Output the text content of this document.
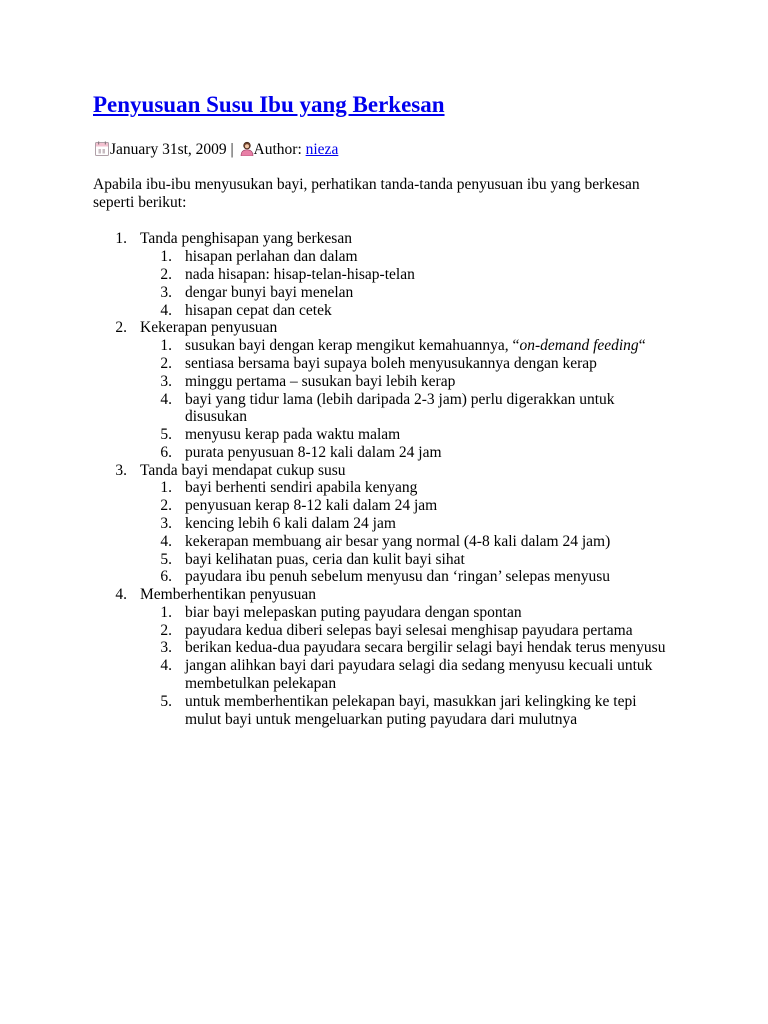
Penyusuan Susu Ibu yang Berkesan
January 31st, 2009 | Author: nieza
Apabila ibu-ibu menyusukan bayi, perhatikan tanda-tanda penyusuan ibu yang berkesan
seperti berikut:
1. Tanda penghisapan yang berkesan
1. hisapan perlahan dan dalam
2. nada hisapan: hisap-telan-hisap-telan
3. dengar bunyi bayi menelan
4. hisapan cepat dan cetek
2. Kekerapan penyusuan
1. susukan bayi dengan kerap mengikut kemahuannya, “on-demand feeding“
2. sentiasa bersama bayi supaya boleh menyusukannya dengan kerap
3. minggu pertama – susukan bayi lebih kerap
4. bayi yang tidur lama (lebih daripada 2-3 jam) perlu digerakkan untuk
disusukan
5. menyusu kerap pada waktu malam
6. purata penyusuan 8-12 kali dalam 24 jam
3. Tanda bayi mendapat cukup susu
1. bayi berhenti sendiri apabila kenyang
2. penyusuan kerap 8-12 kali dalam 24 jam
3. kencing lebih 6 kali dalam 24 jam
4. kekerapan membuang air besar yang normal (4-8 kali dalam 24 jam)
5. bayi kelihatan puas, ceria dan kulit bayi sihat
6. payudara ibu penuh sebelum menyusu dan ‘ringan’ selepas menyusu
4. Memberhentikan penyusuan
1. biar bayi melepaskan puting payudara dengan spontan
2. payudara kedua diberi selepas bayi selesai menghisap payudara pertama
3. berikan kedua-dua payudara secara bergilir selagi bayi hendak terus menyusu
4. jangan alihkan bayi dari payudara selagi dia sedang menyusu kecuali untuk
membetulkan pelekapan
5. untuk memberhentikan pelekapan bayi, masukkan jari kelingking ke tepi
mulut bayi untuk mengeluarkan puting payudara dari mulutnya
